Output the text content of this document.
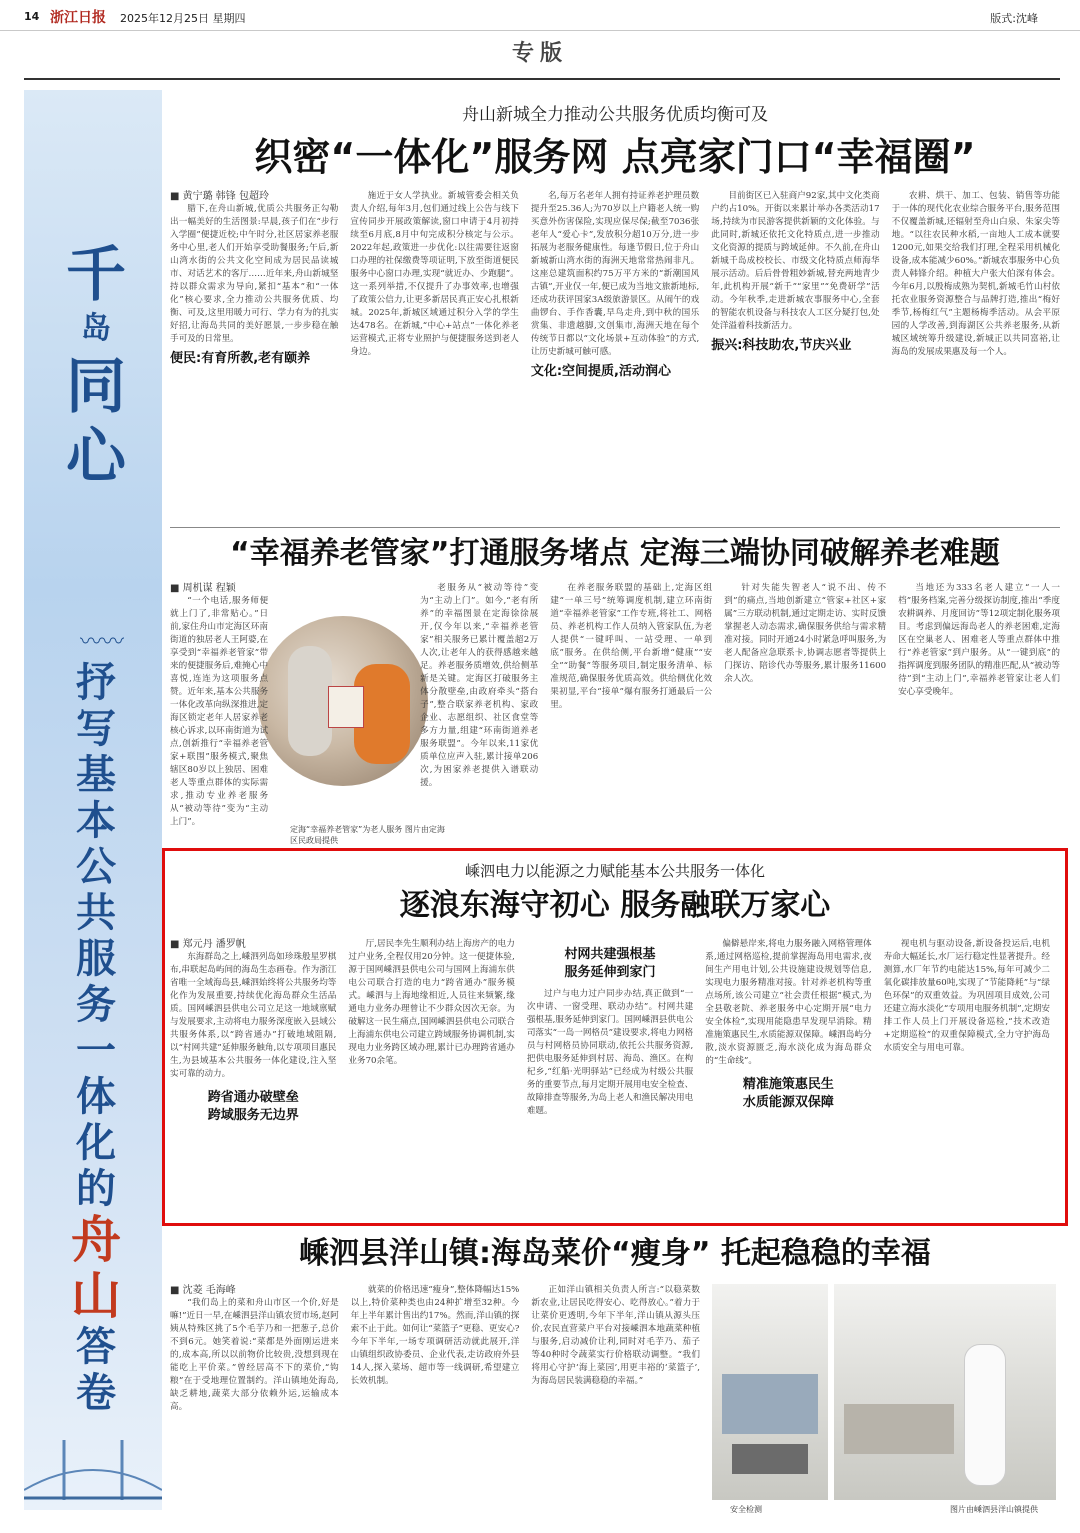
14 浙江日报 2025年12月25日 星期四	版式:沈峰
专版
千
岛
同
心
〰︎〰︎
抒
写
基
本
公
共
服
务
一
体
化
的
舟
山
答
卷
舟山新城全力推动公共服务优质均衡可及
织密“一体化”服务网 点亮家门口“幸福圈”
■ 黄宁璐 韩锋 包超玲

腊下,在舟山新城,优质公共服务正勾勒出一幅美好的生活图景:早晨,孩子们在“步行入学圈”便捷近校;中午时分,社区居家养老服务中心里,老人们开始享受助餐服务;午后,新山湾水街的公共文化空间成为居民品读城市、对话艺术的客厅……近年来,舟山新城坚持以群众需求为导向,紧扣“基本”和“一体化”核心要求,全力推动公共服务优质、均衡、可及,这里用暖力可行、学力有为的扎实好招,让海岛共同的美好愿景,一步步稳在触手可及的日常里。

便民:有育所教,老有颐养

施近于女人学执业。新城管委会相关负责人介绍,每年3月,包们通过线上公告与线下宣传同步开展政策解读,窗口申请于4月初持续至6月底,8月中旬完成积分核定与公示。2022年起,政策进一步优化:以往需要往返窗口办理的社保缴费等项证明,下放至街道便民服务中心窗口办理,实现“就近办、少跑腿”。这一系列举措,不仅提升了办事效率,也增强了政策公信力,让更多新居民真正安心扎根新城。2025年,新城区域通过积分入学的学生达478名。在新城,“中心+站点”一体化养老运营模式,正将专业照护与便捷服务送到老人身边。

名,每万名老年人拥有持证养老护理员数提升至25.36人;为70岁以上户籍老人统一购买意外伤害保险,实现应保尽保;截至7036张老年人“爱心卡”,发放积分超10万分,进一步拓展为老服务健康性。每逢节假日,位于舟山新城新山湾水街的海洲天地常常热闹非凡。这座总建筑面积约75万平方米的“新潮国风古镇”,开业仅一年,便已成为当地文旅新地标,还成功获评国家3A级旅游景区。从闹午的戏曲锣台、手作香囊,早鸟走舟,到中秋的国乐赏集、非遗越脚,文创集市,海洲天地在每个传统节日都以“文化场景+互动体验”的方式,让历史新城可触可感。

文化:空间提质,活动润心

目前街区已入驻商户92家,其中文化类商户约占10%。开街以来累计举办各类活动17场,持续为市民游客提供新颖的文化体验。与此同时,新城还依托文化特质点,进一步推动文化资源的提质与跨域延伸。不久前,在舟山新城千岛成校校长、市级文化特质点师海华展示活动。后后骨骨粗妙新城,替充两地青少年,此机构开展“新千”“家里”“免费研学”活动。今年秋季,走进新城农事服务中心,全套的智能农机设备与科技农人工区分疑打包,处处洋溢着科技新活力。

振兴:科技助农,节庆兴业

农耕、烘干、加工、包装、销售等功能于一体的现代化农业综合服务平台,服务范围不仅覆盖新城,还辐射至舟山白泉、朱家尖等地。“以往农民种水稻,一亩地人工成本就要1200元,如果交给我们打理,全程采用机械化设备,成本能减少60%。”新城农事服务中心负责人韩锋介绍。种植大户张大伯深有体会。今年6月,以殷梅成熟为契机,新城毛竹山村依托农业服务资源整合与品牌打造,推出“梅好季节,杨梅红气”主题杨梅季活动。从会平原园的人学改善,到海湖区公共养老服务,从新城区域统筹升级建设,新城正以共同富裕,让海岛的发展成果惠及每一个人。

“幸福养老管家”打通服务堵点 定海三端协同破解养老难题
定海“幸福养老管家”为老人服务 图片由定海区民政局提供
■ 周机谋 程颖

“一个电话,服务师便就上门了,非常贴心。”日前,家住舟山市定海区环南街道的独居老人王阿婆,在享受到“幸福养老管家”带来的便捷服务后,难掩心中喜悦,连连为这项服务点赞。近年来,基本公共服务一体化改革向纵深推进,定海区锁定老年人居家养老核心诉求,以环南街道为试点,创新推行“幸福养老管家+联围”服务模式,聚焦辖区80岁以上独居、困难老人等重点群体的实际需求,推动专业养老服务从“被动等待”变为“主动上门”。

老服务从“被动等待”变为“主动上门”。如今,“老有所养”的幸福图景在定海徐徐展开,仅今年以来,“幸福养老管家”相关服务已累计覆盖超2万人次,让老年人的获得感越来越足。养老服务质增效,供给侧革新是关键。定海区打破服务主体分散壁垒,由政府牵头“搭台子”,整合联家养老机构、家政企业、志愿组织、社区食堂等多方力量,组建“环南街道养老服务联盟”。今年以来,11家优质单位应声入驻,累计接单206次,为困家养老提供入谱联动援。

在养老服务联盟的基础上,定海区组建“一单三号”统筹调度机制,建立环南街道“幸福养老管家”工作专班,将社工、网格员、养老机构工作人员纳入管家队伍,为老人提供“一键呼叫、一站受理、一单到底”服务。在供给侧,平台新增“健康”“安全”“助餐”等服务项目,制定服务清单、标准规范,确保服务优质高效。供给侧优化效果初显,平台“接单”爆有服务打通最后一公里。

针对失能失智老人“说不出、传不到”的痛点,当地创新建立“管家+社区+家属”三方联动机制,通过定期走访、实时反馈掌握老人动态需求,确保服务供给与需求精准对接。同时开通24小时紧急呼叫服务,为老人配备应急联系卡,协调志愿者等提供上门探访、陪诊代办等服务,累计服务11600余人次。

当地还为333名老人建立“一人一档”服务档案,完善分级探访制度,推出“季度农耕调养、月度回访”等12项定制化服务项目。考虑到偏远海岛老人的养老困难,定海区在空巢老人、困难老人等重点群体中推行“养老管家”到户服务。从“一键到底”的指挥调度到服务团队的精准匹配,从“被动等待”到“主动上门”,幸福养老管家让老人们安心享受晚年。

嵊泗电力以能源之力赋能基本公共服务一体化
逐浪东海守初心 服务融联万家心
■ 郑元丹 潘罗帆

东海群岛之上,嵊泗列岛如珍珠般星罗棋布,串联起岛屿间的海岛生态画卷。作为浙江省唯一全域海岛县,嵊泗始终将公共服务均等化作为发展重要,持续优化海岛群众生活品质。国网嵊泗县供电公司立足这一地域禀赋与发展要求,主动将电力服务深度嵌入县域公共服务体系,以“跨省通办”打破地域阻隔,以“村网共建”延伸服务触角,以专项项目惠民生,为县域基本公共服务一体化建设,注入坚实可靠的动力。

跨省通办破壁垒
跨域服务无边界

厅,居民李先生顺利办结上海房产的电力过户业务,全程仅用20分钟。这一便捷体验,源于国网嵊泗县供电公司与国网上海浦东供电公司联合打造的电力“跨省通办”服务模式。嵊泗与上海地缘相近,人员往来频繁,缘通电力业务办理曾让不少群众因次无奈。为破解这一民生痛点,国网嵊泗县供电公司联合上海浦东供电公司建立跨域服务协调机制,实现电力业务跨区域办理,累计已办理跨省通办业务70余笔。

村网共建强根基
服务延伸到家门

过户与电力过户同步办结,真正做到“一次申请、一窗受理、联动办结”。村网共建强根基,服务延伸到家门。国网嵊泗县供电公司落实“一岛一网格员”建设要求,将电力网格员与村网格员协同联动,依托公共服务资源,把供电服务延伸到村居、海岛、渔区。在枸杞乡,“红船·光明驿站”已经成为村级公共服务的重要节点,每月定期开展用电安全检查、故障排查等服务,为岛上老人和渔民解决用电难题。

偏僻悬岸来,将电力服务融入网格管理体系,通过网格巡检,提前掌握海岛用电需求,夜间生产用电计划,公共设施建设规划等信息,实现电力服务精准对接。针对养老机构等重点场所,该公司建立“社会责任根据”模式,为全县敬老院、养老服务中心定期开展“电力安全体检”,实现用能隐患早发现早消除。精准施策惠民生,水质能源双保障。嵊泗岛屿分散,淡水资源匮乏,海水淡化成为海岛群众的“生命线”。

精准施策惠民生
水质能源双保障

视电机与驱动设备,新设备投运后,电机寿命大幅延长,水厂运行稳定性显著提升。经测算,水厂年节约电能达15%,每年可减少二氧化碳排放量60吨,实现了“节能降耗”与“绿色环保”的双重效益。为巩固项目成效,公司还建立海水淡化“专项用电服务机制”,定期安排工作人员上门开展设备巡检,“技术改造+定期巡检”的双重保障模式,全力守护海岛水质安全与用电可靠。

嵊泗县洋山镇:海岛菜价“瘦身” 托起稳稳的幸福
■ 沈菱 毛海峰

“我们岛上的菜和舟山市区一个价,好是嘛!”近日一早,在嵊泗县洋山镇农贸市场,赵阿姨从特殊区挑了5个毛芋乃和一把葱子,总价不到6元。她笑着说:“菜都是外面刚运进来的,成本高,所以以前物价比较贵,没想到现在能吃上平价菜。”曾经居高不下的菜价,“钩粮”在于受地理位置制约。洋山镇地处海岛,缺乏耕地,蔬菜大部分依赖外运,运输成本高。

就菜的价格迅速“瘦身”,整体降幅达15%以上,特价菜种类也由24种扩增至32种。今年上半年累计售出约17%。然而,洋山镇的探索不止于此。如何让“菜篮子”更稳、更安心?今年下半年,一场专项调研活动就此展开,洋山镇组织政协委员、企业代表,走访政府外县14人,探入菜场、超市等一线调研,希望建立长效机制。

正如洋山镇相关负责人所言:“以稳菜数新农业,让居民吃得安心、吃得放心。”着力于让菜价更透明,今年下半年,洋山镇从源头压价,农民直营菜户平台对接嵊泗本地蔬菜种植与服务,启动减价让利,同时对毛芋乃、茄子等40种时令蔬菜实行价格联动调整。“我们将用心守护‘海上菜园’,用更丰裕的‘菜篮子’,为海岛居民装满稳稳的幸福。”

安全检测	图片由嵊泗县洋山镇提供
